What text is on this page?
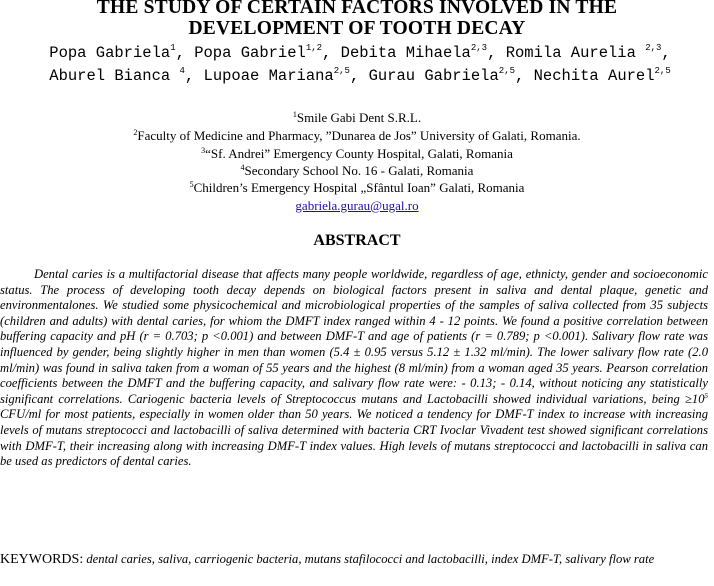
THE STUDY OF CERTAIN FACTORS INVOLVED IN THE
DEVELOPMENT OF TOOTH DECAY
Popa Gabriela$^1$, Popa Gabriel$^{1,2}$, Debita Mihaela$^{2,3}$, Romila Aurelia $^{2,3}$, Aburel Bianca $^4$, Lupoae Mariana$^{2,5}$, Gurau Gabriela$^{2,5}$, Nechita Aurel$^{2,5}$
$^1$Smile Gabi Dent S.R.L.
$^2$Faculty of Medicine and Pharmacy, ”Dunarea de Jos” University of Galati, Romania.
$^3$“Sf. Andrei” Emergency County Hospital, Galati, Romania
$^4$Secondary School No. 16 - Galati, Romania
$^5$Children’s Emergency Hospital „Sfântul Ioan” Galati, Romania
gabriela.gurau@ugal.ro
ABSTRACT

Dental caries is a multifactorial disease that affects many people worldwide, regardless of age, ethnicty, gender and socioeconomic status. The process of developing tooth decay depends on biological factors present in saliva and dental plaque, genetic and environmentalones. We studied some physicochemical and microbiological properties of the samples of saliva collected from 35 subjects (children and adults) with dental caries, for whiom the DMFT index ranged within 4 - 12 points. We found a positive correlation between buffering capacity and pH (r = 0.703; p <0.001) and between DMF-T and age of patients (r = 0.789; p <0.001). Salivary flow rate was influenced by gender, being slightly higher in men than women (5.4 ± 0.95 versus 5.12 ± 1.32 ml/min). The lower salivary flow rate (2.0 ml/min) was found in saliva taken from a woman of 55 years and the highest (8 ml/min) from a woman aged 35 years. Pearson correlation coefficients between the DMFT and the buffering capacity, and salivary flow rate were: - 0.13; - 0.14, without noticing any statistically significant correlations. Cariogenic bacteria levels of Streptococcus mutans and Lactobacilli showed individual variations, being $\ge 10^5$ CFU/ml for most patients, especially in women older than 50 years. We noticed a tendency for DMF-T index to increase with increasing levels of mutans streptococci and lactobacilli of saliva determined with bacteria CRT Ivoclar Vivadent test showed significant correlations with DMF-T, their increasing along with increasing DMF-T index values. High levels of mutans streptococci and lactobacilli in saliva can be used as predictors of dental caries.

KEYWORDS: dental caries, saliva, carriogenic bacteria, mutans stafilococci and lactobacilli, index DMF-T, salivary flow rate
